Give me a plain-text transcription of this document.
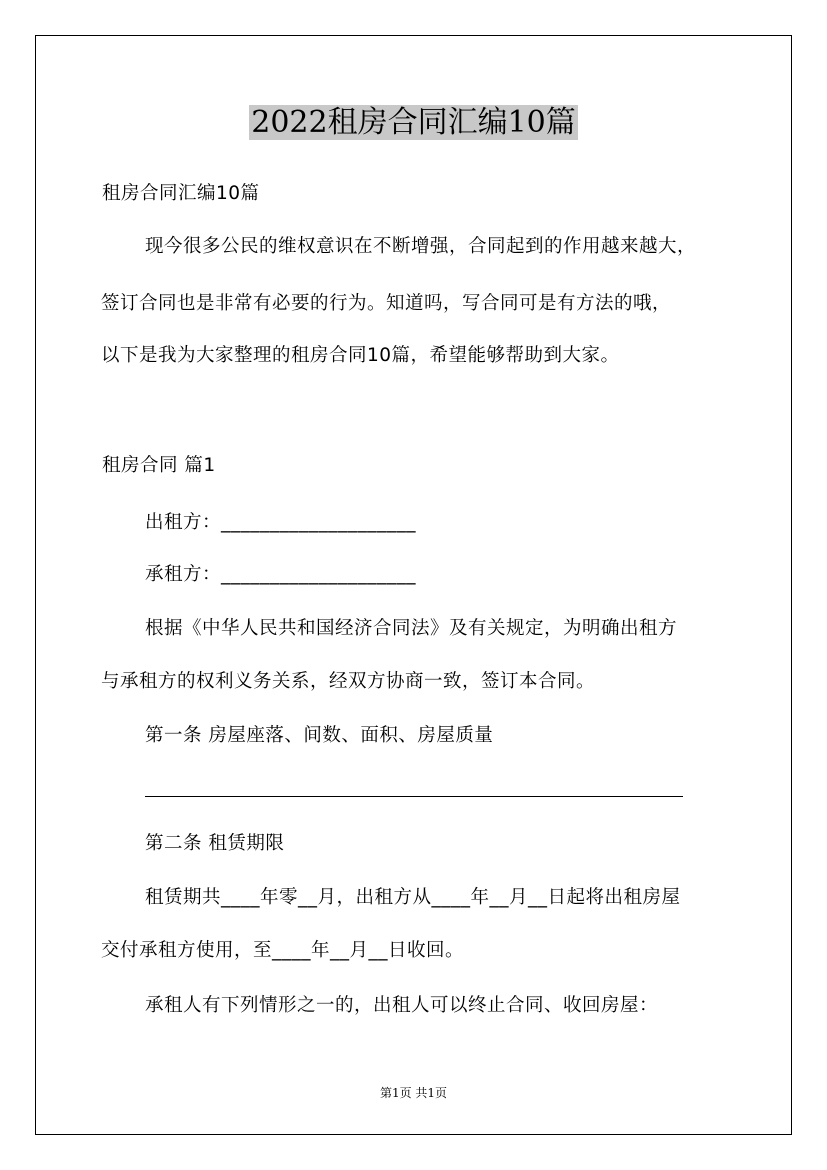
2022租房合同汇编10篇
租房合同汇编10篇
现今很多公民的维权意识在不断增强，合同起到的作用越来越大，
签订合同也是非常有必要的行为。知道吗，写合同可是有方法的哦，
以下是我为大家整理的租房合同10篇，希望能够帮助到大家。
租房合同 篇1
出租方：____________________
承租方：____________________
根据《中华人民共和国经济合同法》及有关规定，为明确出租方
与承租方的权利义务关系，经双方协商一致，签订本合同。
第一条 房屋座落、间数、面积、房屋质量
第二条 租赁期限
租赁期共____年零__月，出租方从____年__月__日起将出租房屋
交付承租方使用，至____年__月__日收回。
承租人有下列情形之一的，出租人可以终止合同、收回房屋：
第1页 共1页
